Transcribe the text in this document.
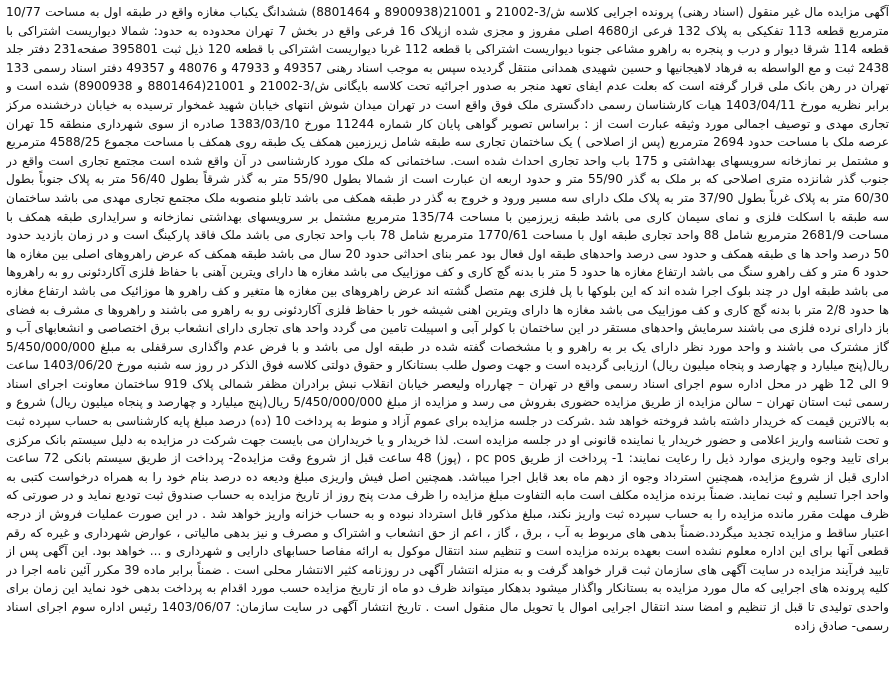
آگهی مزایده مال غیر منقول (اسناد رهنی) پرونده اجرایی کلاسه ش/3-21002 و 21001(8900938 و 8801464) ششدانگ یکباب مغازه واقع در طبقه اول به مساحت 10/77 مترمربع قطعه 113 تفکیکی به پلاک 132 فرعی از4680 اصلی مفروز و مجزی شده ازپلاک 16 فرعی واقع در بخش 7 تهران محدوده به حدود: شمالا دیواریست اشتراکی با قطعه 114 شرقا دیوار و درب و پنجره به راهرو مشاعی جنوبا دیواریست اشتراکی با قطعه 112 غربا دیواریست اشتراکی با قطعه 120 ذیل ثبت 395801 صفحه231 دفتر جلد 2438 ثبت و مع الواسطه به فرهاد لاهیجانیها و حسین شهیدی همدانی منتقل گردیده سپس به موجب اسناد رهنی 49357 و 47933 و 48076 و 49357 دفتر اسناد رسمی 133 تهران در رهن بانک ملی قرار گرفته است که بعلت عدم ایفای تعهد منجر به صدور اجرائیه تحت کلاسه بایگانی ش/3-21002 و 21001(8801464 و 8900938) شده است و برابر نظریه مورخ 1403/04/11 هیات کارشناسان رسمی دادگستری ملک فوق واقع است در تهران میدان شوش انتهای خیابان شهید غمخوار ترسیده به خیابان درخشنده مرکز تجاری مهدی و توصیف اجمالی مورد وثیقه عبارت است از : براساس تصویر گواهی پایان کار شماره 11244 مورخ 1383/03/10 صادره از سوی شهرداری منطقه 15 تهران عرصه ملک با مساحت حدود 2694 مترمربع (پس از اصلاحی ) یک ساختمان تجاری سه طبقه شامل زیرزمین همکف یک طبقه روی همکف با مساحت مجموع 4588/25 مترمربع و مشتمل بر نمازخانه سرویسهای بهداشتی و 175 باب واحد تجاری احداث شده است. ساختمانی که ملک مورد کارشناسی در آن واقع شده است مجتمع تجاری است واقع در جنوب گذر شانزده متری اصلاحی که بر ملک به گذر 55/90 متر و حدود اربعه ان عبارت است از شمالا بطول 55/90 متر به گذر شرقاً بطول 56/40 متر به پلاک جنوباً بطول 60/30 متر به پلاک غرباً بطول 37/90 متر به پلاک ملک دارای سه مسیر ورود و خروج به گذر در طبقه همکف می باشد تابلو منصوبه ملک مجتمع تجاری مهدی می باشد ساختمان سه طبقه با اسکلت فلزی و نمای سیمان کاری می باشد طبقه زیرزمین با مساحت 135/74 مترمربع مشتمل بر سرویسهای بهداشتی نمازخانه و سرایداری طبقه همکف با مساحت 2681/9 مترمربع شامل 88 واحد تجاری طبقه اول با مساحت 1770/61 مترمربع شامل 78 باب واحد تجاری می باشد ملک فاقد پارکینگ است و در زمان بازدید حدود 50 درصد واحد ها ی طبقه همکف و حدود سی درصد واحدهای طبقه اول فعال بود عمر بنای احداثی حدود 20 سال می باشد طبقه همکف که عرض راهروهای اصلی بین مغازه ها حدود 6 متر و کف راهرو سنگ می باشد ارتفاع مغازه ها حدود 5 متر با بدنه گچ کاری و کف موزاییک می باشد مغازه ها دارای ویترین آهنی با حفاظ فلزی آکاردئونی رو به راهروها می باشد طبقه اول در چند بلوک اجرا شده اند که این بلوکها با پل فلزی بهم متصل گشته اند عرض راهروهای بین مغازه ها متغیر و کف راهرو ها موزائیک می باشد ارتفاع مغازه ها حدود 2/8 متر با بدنه گچ کاری و کف موزاییک می باشد مغازه ها دارای ویترین اهنی شیشه خور با حفاظ فلزی آکاردئونی رو به راهرو می باشند و راهروها ی مشرف به فضای باز دارای نرده فلزی می باشند سرمایش واحدهای مستقر در این ساختمان با کولر آبی و اسپیلت تامین می گردد واحد های تجاری دارای انشعاب برق اختصاصی و انشعابهای آب و گاز مشترک می باشند و واحد مورد نظر دارای یک بر به راهرو و با مشخصات گفته شده در طبقه اول می باشد و با فرض عدم واگذاری سرقفلی به مبلغ 5/450/000/000 ریال(پنج میلیارد و چهارصد و پنجاه میلیون ریال) ارزیابی گردیده است و جهت وصول طلب بستانکار و حقوق دولتی کلاسه فوق الذکر در روز سه شنبه مورخ 1403/06/20 ساعت 9 الی 12 ظهر در محل اداره سوم اجرای اسناد رسمی واقع در تهران – چهارراه ولیعصر خیابان انقلاب نبش برادران مظفر شمالی پلاک 919 ساختمان معاونت اجرای اسناد رسمی ثبت استان تهران – سالن مزایده از طریق مزایده حضوری بفروش می رسد و مزایده از مبلغ 5/450/000/000 ریال(پنج میلیارد و چهارصد و پنجاه میلیون ریال) شروع و به بالاترین قیمت که خریدار داشته باشد فروخته خواهد شد .شرکت در جلسه مزایده برای عموم آزاد و منوط به پرداخت 10 (ده) درصد مبلغ پایه کارشناسی به حساب سپرده ثبت و تحت شناسه واریز اعلامی و حضور خریدار یا نماینده قانونی او در جلسه مزایده است. لذا خریدار و یا خریداران می بایست جهت شرکت در مزایده به دلیل سیستم بانک مرکزی برای تایید وجوه واریزی موارد ذیل را رعایت نمایند: 1- پرداخت از طریق pc pos ، (پوز) 48 ساعت قبل از شروع وقت مزایده2- پرداخت از طریق سیستم بانکی 72 ساعت اداری قبل از شروع مزایده، همچنین استرداد وجوه از دهم ماه بعد قابل اجرا میباشد. همچنین اصل فیش واریزی مبلغ ودیعه ده درصد بنام خود را به همراه درخواست کتبی به واحد اجرا تسلیم و ثبت نمایند. ضمناً برنده مزایده مکلف است مابه التفاوت مبلغ مزایده را ظرف مدت پنج روز از تاریخ مزایده به حساب صندوق ثبت تودیع نماید و در صورتی که ظرف مهلت مقرر مانده مزایده را به حساب سپرده ثبت واریز نکند، مبلغ مذکور قابل استرداد نبوده و به حساب خزانه واریز خواهد شد . در این صورت عملیات فروش از درجه اعتبار ساقط و مزایده تجدید میگردد.ضمناً بدهی های مربوط به آب ، برق ، گاز ، اعم از حق انشعاب و اشتراک و مصرف و نیز بدهی مالیاتی ، عوارض شهرداری و غیره که رقم قطعی آنها برای این اداره معلوم نشده است بعهده برنده مزایده است و تنظیم سند انتقال موکول به ارائه مفاصا حسابهای دارایی و شهرداری و ... خواهد بود. این آگهی پس از تایید فرآیند مزایده در سایت آگهی های سازمان ثبت قرار خواهد گرفت و به منزله انتشار آگهی در روزنامه کثیر الانتشار محلی است . ضمناً برابر ماده 39 مکرر آئین نامه اجرا در کلیه پرونده های اجرایی که مال مورد مزایده به بستانکار واگذار میشود بدهکار میتواند ظرف دو ماه از تاریخ مزایده حسب مورد اقدام به پرداخت بدهی خود نماید این زمان برای واحدی تولیدی تا قبل از تنظیم و امضا سند انتقال اجرایی اموال یا تحویل مال منقول است . تاریخ انتشار آگهی در سایت سازمان: 1403/06/07 رئیس اداره سوم اجرای اسناد رسمی- صادق زاده
